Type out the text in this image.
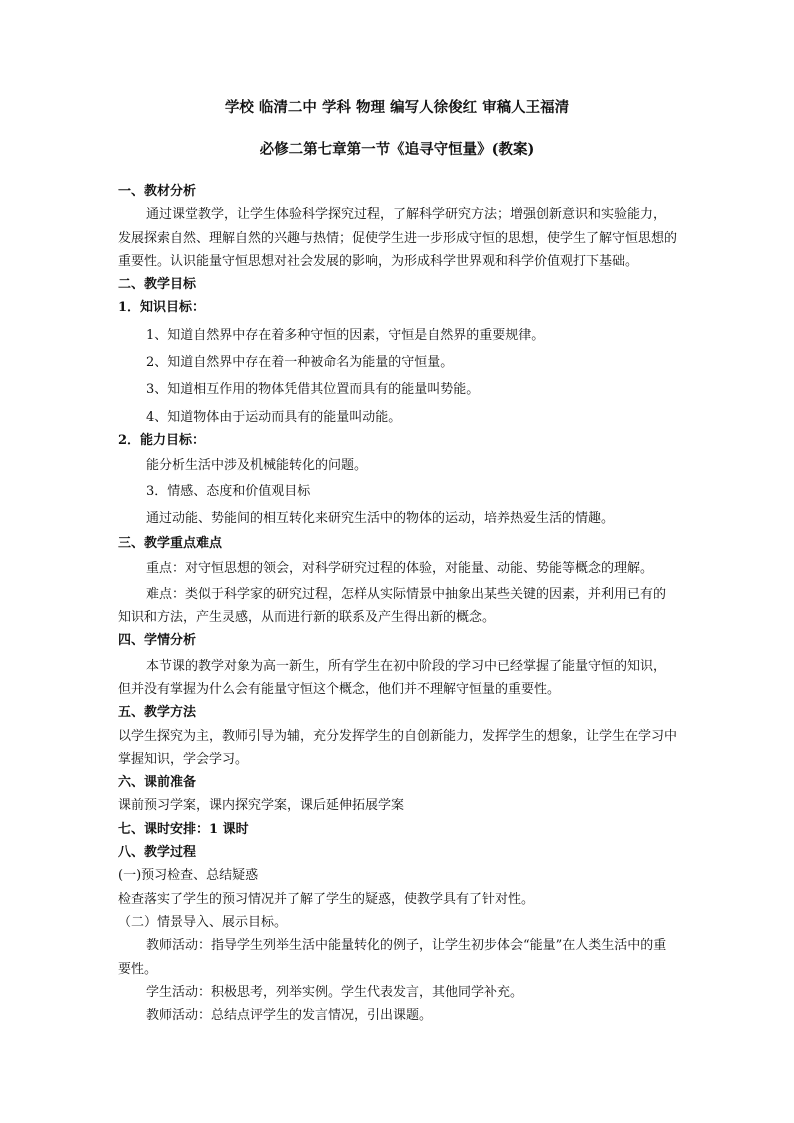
学校 临清二中 学科 物理 编写人徐俊红 审稿人王福清
必修二第七章第一节《追寻守恒量》(教案)

一、教材分析

通过课堂教学，让学生体验科学探究过程，了解科学研究方法；增强创新意识和实验能力，发展探索自然、理解自然的兴趣与热情；促使学生进一步形成守恒的思想，使学生了解守恒思想的重要性。认识能量守恒思想对社会发展的影响，为形成科学世界观和科学价值观打下基础。

二、教学目标

1．知识目标：

1、知道自然界中存在着多种守恒的因素，守恒是自然界的重要规律。

2、知道自然界中存在着一种被命名为能量的守恒量。

3、知道相互作用的物体凭借其位置而具有的能量叫势能。

4、知道物体由于运动而具有的能量叫动能。

2．能力目标：

能分析生活中涉及机械能转化的问题。

3．情感、态度和价值观目标

通过动能、势能间的相互转化来研究生活中的物体的运动，培养热爱生活的情趣。

三、教学重点难点

重点：对守恒思想的领会，对科学研究过程的体验，对能量、动能、势能等概念的理解。

难点：类似于科学家的研究过程，怎样从实际情景中抽象出某些关键的因素，并利用已有的知识和方法，产生灵感，从而进行新的联系及产生得出新的概念。

四、学情分析

本节课的教学对象为高一新生，所有学生在初中阶段的学习中已经掌握了能量守恒的知识，但并没有掌握为什么会有能量守恒这个概念，他们并不理解守恒量的重要性。

五、教学方法

以学生探究为主，教师引导为辅，充分发挥学生的自创新能力，发挥学生的想象，让学生在学习中掌握知识，学会学习。

六、课前准备

课前预习学案，课内探究学案，课后延伸拓展学案

七、课时安排：1 课时

八、教学过程

(一)预习检查、总结疑惑

检查落实了学生的预习情况并了解了学生的疑惑，使教学具有了针对性。

（二）情景导入、展示目标。

教师活动：指导学生列举生活中能量转化的例子，让学生初步体会“能量”在人类生活中的重要性。

学生活动：积极思考，列举实例。学生代表发言，其他同学补充。

教师活动：总结点评学生的发言情况，引出课题。
